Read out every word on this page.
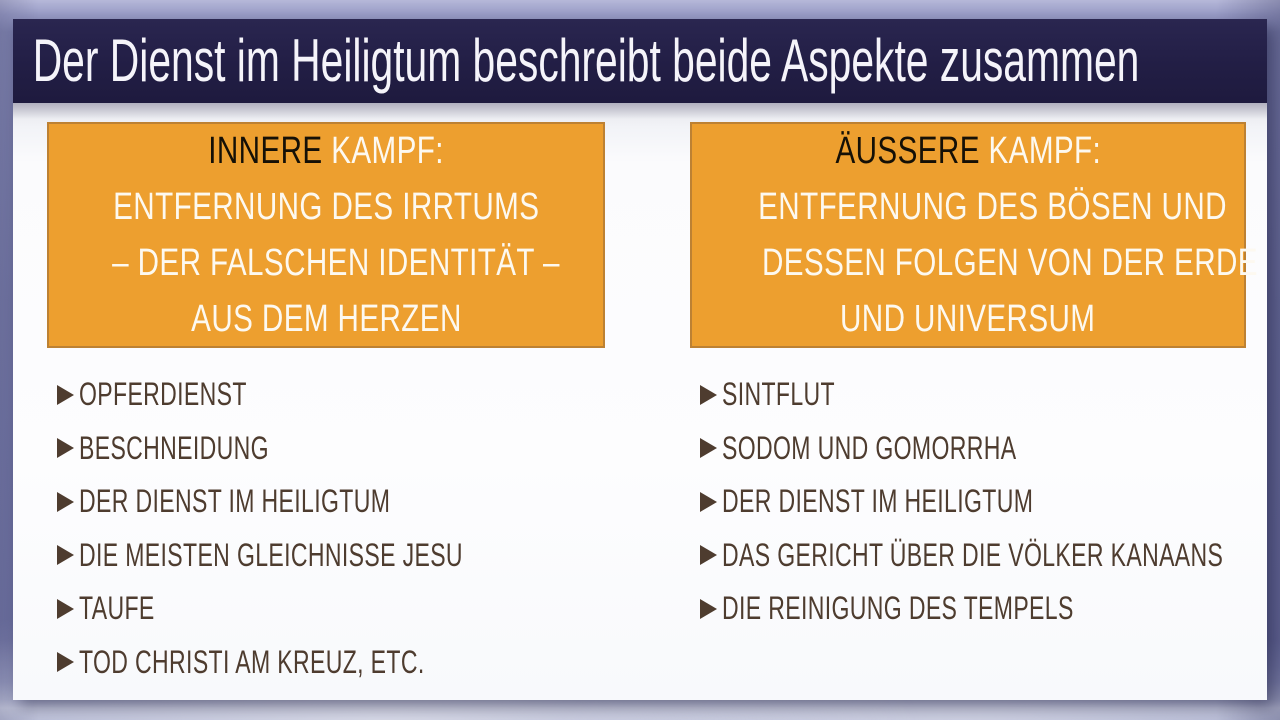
Der Dienst im Heiligtum beschreibt beide Aspekte zusammen
INNERE KAMPF:
ENTFERNUNG DES IRRTUMS
– DER FALSCHEN IDENTITÄT –
AUS DEM HERZEN
OPFERDIENST
BESCHNEIDUNG
DER DIENST IM HEILIGTUM
DIE MEISTEN GLEICHNISSE JESU
TAUFE
TOD CHRISTI AM KREUZ, ETC.
ÄUSSERE KAMPF:
ENTFERNUNG DES BÖSEN UND
DESSEN FOLGEN VON DER ERDE
UND UNIVERSUM
SINTFLUT
SODOM UND GOMORRHA
DER DIENST IM HEILIGTUM
DAS GERICHT ÜBER DIE VÖLKER KANAANS
DIE REINIGUNG DES TEMPELS
